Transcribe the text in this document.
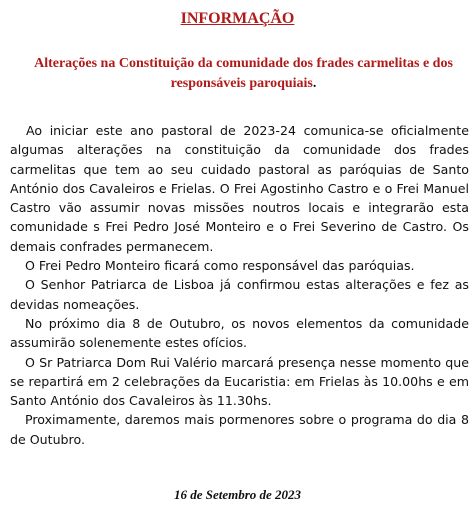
INFORMAÇÃO
Alterações na Constituição da comunidade dos frades carmelitas e dos responsáveis paroquiais.

Ao iniciar este ano pastoral de 2023-24 comunica-se oficialmente algumas alterações na constituição da comunidade dos frades carmelitas que tem ao seu cuidado pastoral as paróquias de Santo António dos Cavaleiros e Frielas. O Frei Agostinho Castro e o Frei Manuel Castro vão assumir novas missões noutros locais e integrarão esta comunidade s Frei Pedro José Monteiro e o Frei Severino de Castro. Os demais confrades permanecem.

O Frei Pedro Monteiro ficará como responsável das paróquias.

O Senhor Patriarca de Lisboa já confirmou estas alterações e fez as devidas nomeações.

No próximo dia 8 de Outubro, os novos elementos da comunidade assumirão solenemente estes ofícios.

O Sr Patriarca Dom Rui Valério marcará presença nesse momento que se repartirá em 2 celebrações da Eucaristia: em Frielas às 10.00hs e em Santo António dos Cavaleiros às 11.30hs.

Proximamente, daremos mais pormenores sobre o programa do dia 8 de Outubro.

16 de Setembro de 2023
